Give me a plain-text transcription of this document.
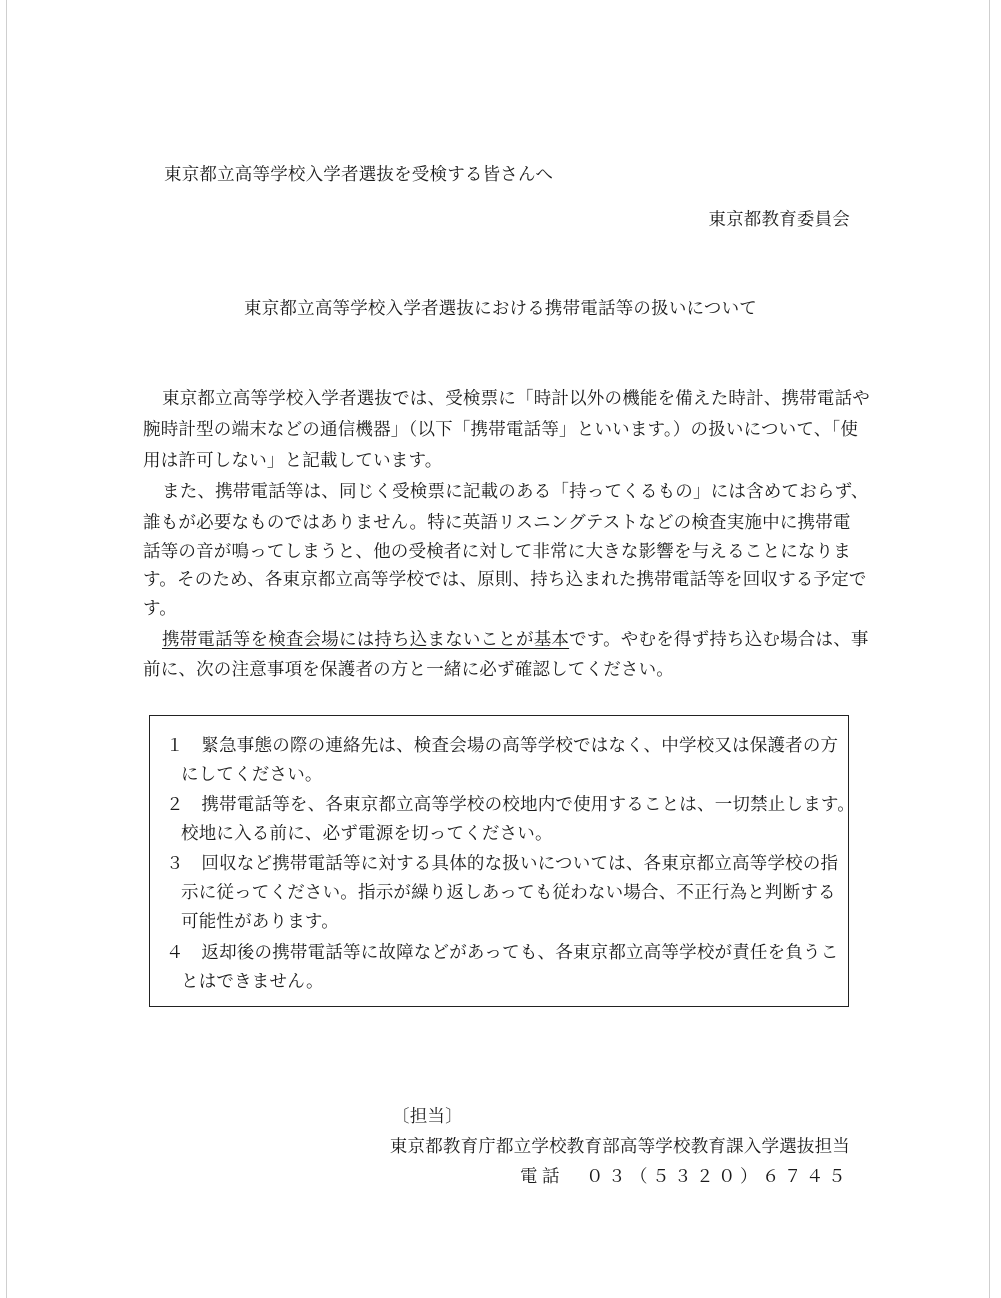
東京都立高等学校入学者選抜を受検する皆さんへ
東京都教育委員会
東京都立高等学校入学者選抜における携帯電話等の扱いについて
東京都立高等学校入学者選抜では、受検票に「時計以外の機能を備えた時計、携帯電話や
腕時計型の端末などの通信機器」（以下「携帯電話等」といいます。）の扱いについて、「使
用は許可しない」と記載しています。
また、携帯電話等は、同じく受検票に記載のある「持ってくるもの」には含めておらず、
誰もが必要なものではありません。特に英語リスニングテストなどの検査実施中に携帯電
話等の音が鳴ってしまうと、他の受検者に対して非常に大きな影響を与えることになりま
す。そのため、各東京都立高等学校では、原則、持ち込まれた携帯電話等を回収する予定で
す。
携帯電話等を検査会場には持ち込まないことが基本です。やむを得ず持ち込む場合は、事
前に、次の注意事項を保護者の方と一緒に必ず確認してください。
１　緊急事態の際の連絡先は、検査会場の高等学校ではなく、中学校又は保護者の方
にしてください。
２　携帯電話等を、各東京都立高等学校の校地内で使用することは、一切禁止します。
校地に入る前に、必ず電源を切ってください。
３　回収など携帯電話等に対する具体的な扱いについては、各東京都立高等学校の指
示に従ってください。指示が繰り返しあっても従わない場合、不正行為と判断する
可能性があります。
４　返却後の携帯電話等に故障などがあっても、各東京都立高等学校が責任を負うこ
とはできません。
〔担当〕
東京都教育庁都立学校教育部高等学校教育課入学選抜担当
電話　０３（５３２０）６７４５
